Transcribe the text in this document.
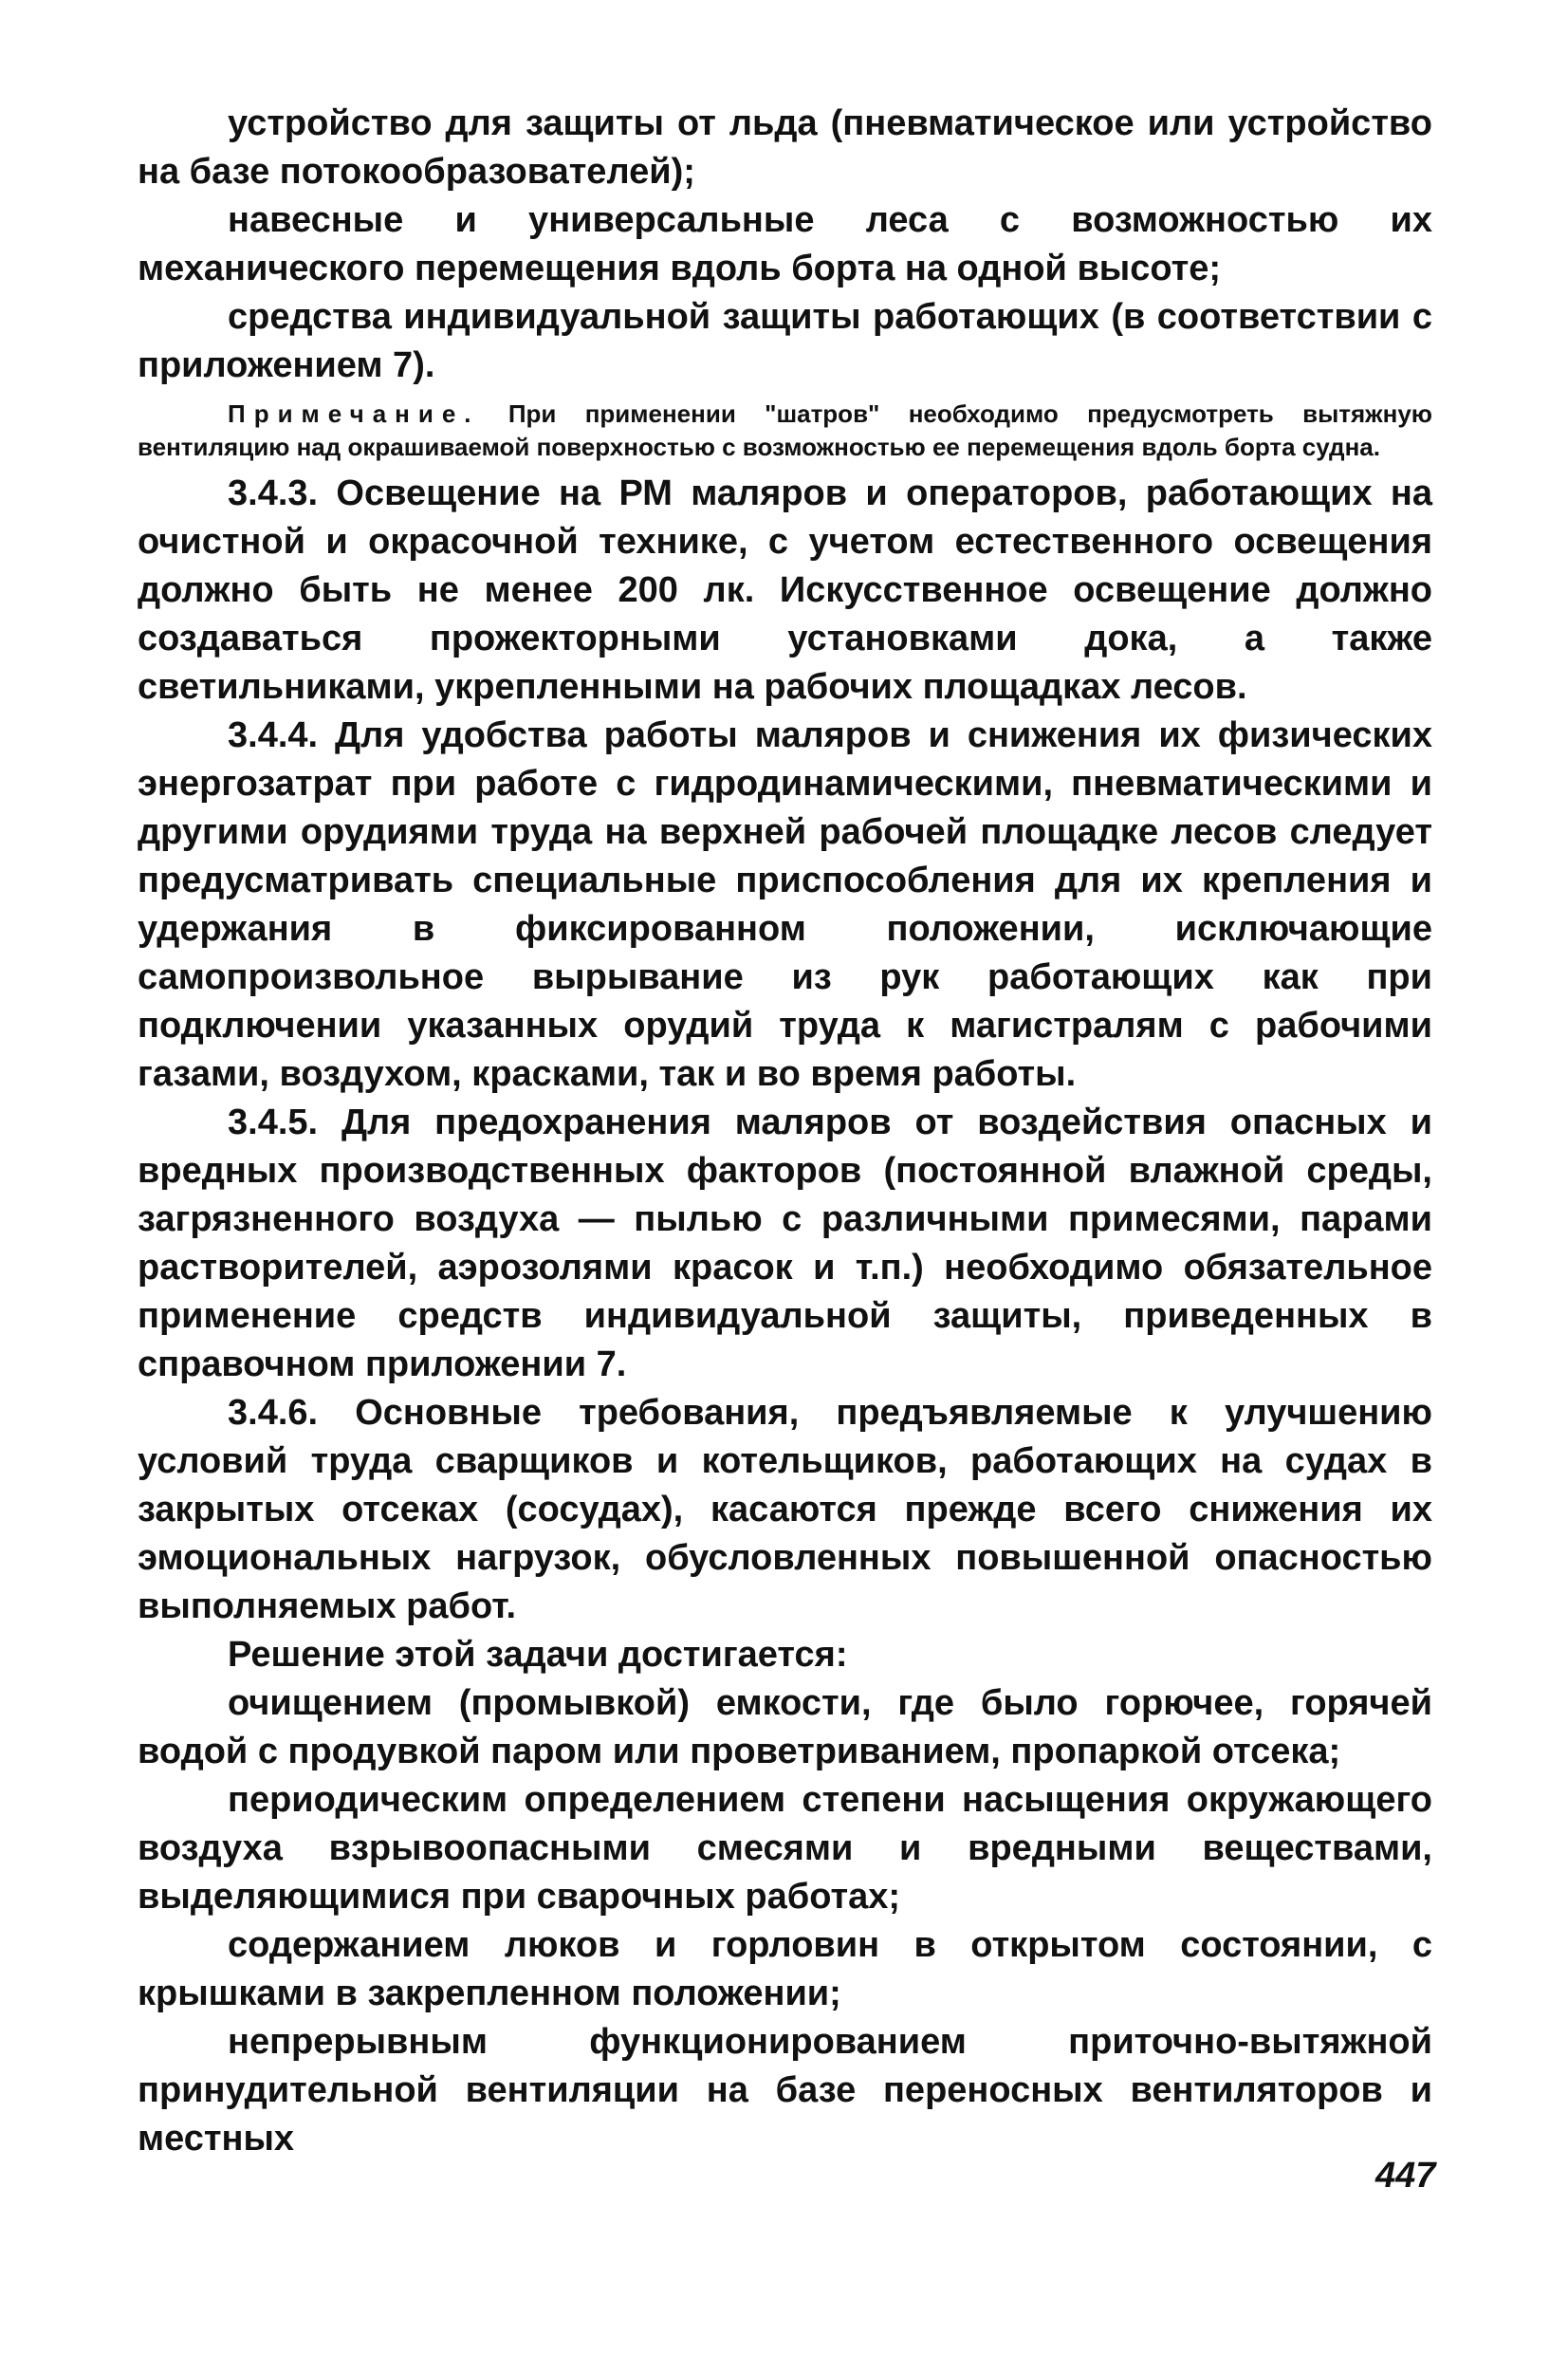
устройство для защиты от льда (пневматическое или устройство на базе потокообразователей);

навесные и универсальные леса с возможностью их механического перемещения вдоль борта на одной высоте;

средства индивидуальной защиты работающих (в соответствии с приложением 7).

Примечание. При применении "шатров" необходимо предусмотреть вытяжную вентиляцию над окрашиваемой поверхностью с возможностью ее перемещения вдоль борта судна.

3.4.3. Освещение на РМ маляров и операторов, работающих на очистной и окрасочной технике, с учетом естественного освещения должно быть не менее 200 лк. Искусственное освещение должно создаваться прожекторными установками дока, а также светильниками, укрепленными на рабочих площадках лесов.

3.4.4. Для удобства работы маляров и снижения их физических энергозатрат при работе с гидродинамическими, пневматическими и другими орудиями труда на верхней рабочей площадке лесов следует предусматривать специальные приспособления для их крепления и удержания в фиксированном положении, исключающие самопроизвольное вырывание из рук работающих как при подключении указанных орудий труда к магистралям с рабочими газами, воздухом, красками, так и во время работы.

3.4.5. Для предохранения маляров от воздействия опасных и вредных производственных факторов (постоянной влажной среды, загрязненного воздуха — пылью с различными примесями, парами растворителей, аэрозолями красок и т.п.) необходимо обязательное применение средств индивидуальной защиты, приведенных в справочном приложении 7.

3.4.6. Основные требования, предъявляемые к улучшению условий труда сварщиков и котельщиков, работающих на судах в закрытых отсеках (сосудах), касаются прежде всего снижения их эмоциональных нагрузок, обусловленных повышенной опасностью выполняемых работ.

Решение этой задачи достигается:

очищением (промывкой) емкости, где было горючее, горячей водой с продувкой паром или проветриванием, пропаркой отсека;

периодическим определением степени насыщения окружающего воздуха взрывоопасными смесями и вредными веществами, выделяющимися при сварочных работах;

содержанием люков и горловин в открытом состоянии, с крышками в закрепленном положении;

непрерывным функционированием приточно-вытяжной принудительной вентиляции на базе переносных вентиляторов и местных

447
